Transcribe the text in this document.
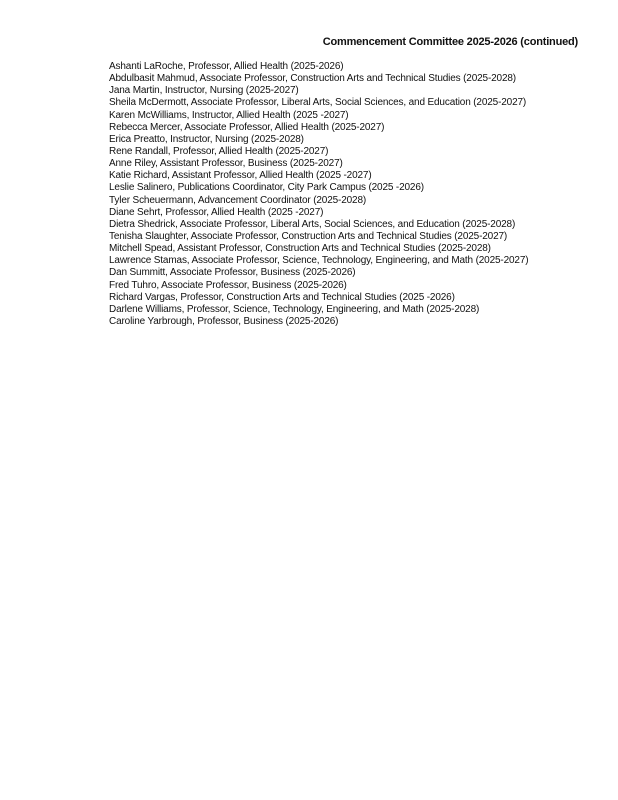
Commencement Committee 2025-2026 (continued)
Ashanti LaRoche, Professor, Allied Health (2025-2026)
Abdulbasit Mahmud, Associate Professor, Construction Arts and Technical Studies (2025-2028)
Jana Martin, Instructor, Nursing (2025-2027)
Sheila McDermott, Associate Professor, Liberal Arts, Social Sciences, and Education (2025-2027)
Karen McWilliams, Instructor, Allied Health (2025 -2027)
Rebecca Mercer, Associate Professor, Allied Health (2025-2027)
Erica Preatto, Instructor, Nursing (2025-2028)
Rene Randall, Professor, Allied Health (2025-2027)
Anne Riley, Assistant Professor, Business (2025-2027)
Katie Richard, Assistant Professor, Allied Health (2025 -2027)
Leslie Salinero, Publications Coordinator, City Park Campus (2025 -2026)
Tyler Scheuermann, Advancement Coordinator (2025-2028)
Diane Sehrt, Professor, Allied Health (2025 -2027)
Dietra Shedrick, Associate Professor, Liberal Arts, Social Sciences, and Education (2025-2028)
Tenisha Slaughter, Associate Professor, Construction Arts and Technical Studies (2025-2027)
Mitchell Spead, Assistant Professor, Construction Arts and Technical Studies (2025-2028)
Lawrence Stamas, Associate Professor, Science, Technology, Engineering, and Math (2025-2027)
Dan Summitt, Associate Professor, Business (2025-2026)
Fred Tuhro, Associate Professor, Business (2025-2026)
Richard Vargas, Professor, Construction Arts and Technical Studies (2025 -2026)
Darlene Williams, Professor, Science, Technology, Engineering, and Math (2025-2028)
Caroline Yarbrough, Professor, Business (2025-2026)
